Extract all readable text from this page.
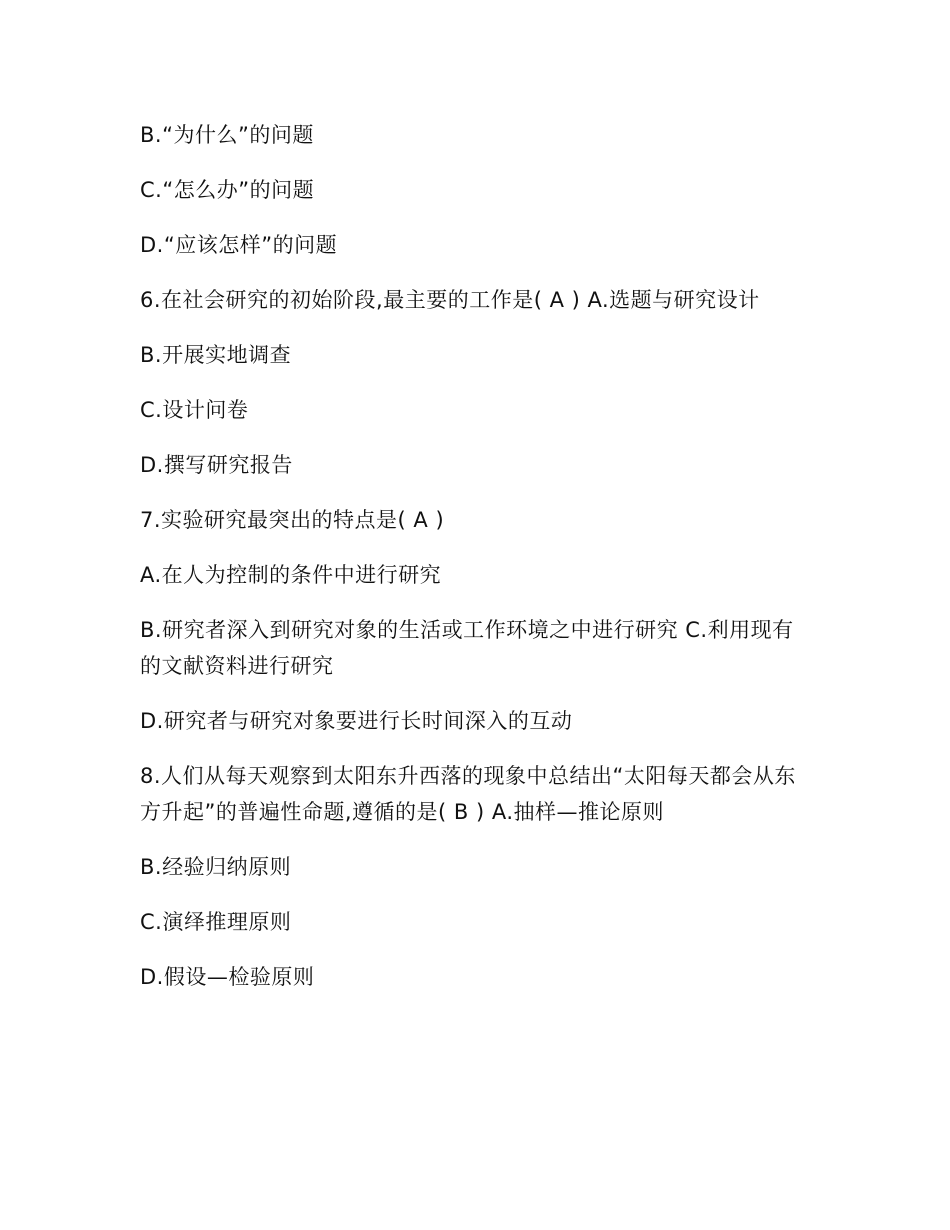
B.“为什么”的问题

C.“怎么办”的问题

D.“应该怎样”的问题

6.在社会研究的初始阶段,最主要的工作是( A ) A.选题与研究设计

B.开展实地调查

C.设计问卷

D.撰写研究报告

7.实验研究最突出的特点是( A )

A.在人为控制的条件中进行研究

B.研究者深入到研究对象的生活或工作环境之中进行研究 C.利用现有的文献资料进行研究

D.研究者与研究对象要进行长时间深入的互动

8.人们从每天观察到太阳东升西落的现象中总结出“太阳每天都会从东方升起”的普遍性命题,遵循的是( B ) A.抽样—推论原则

B.经验归纳原则

C.演绎推理原则

D.假设—检验原则
